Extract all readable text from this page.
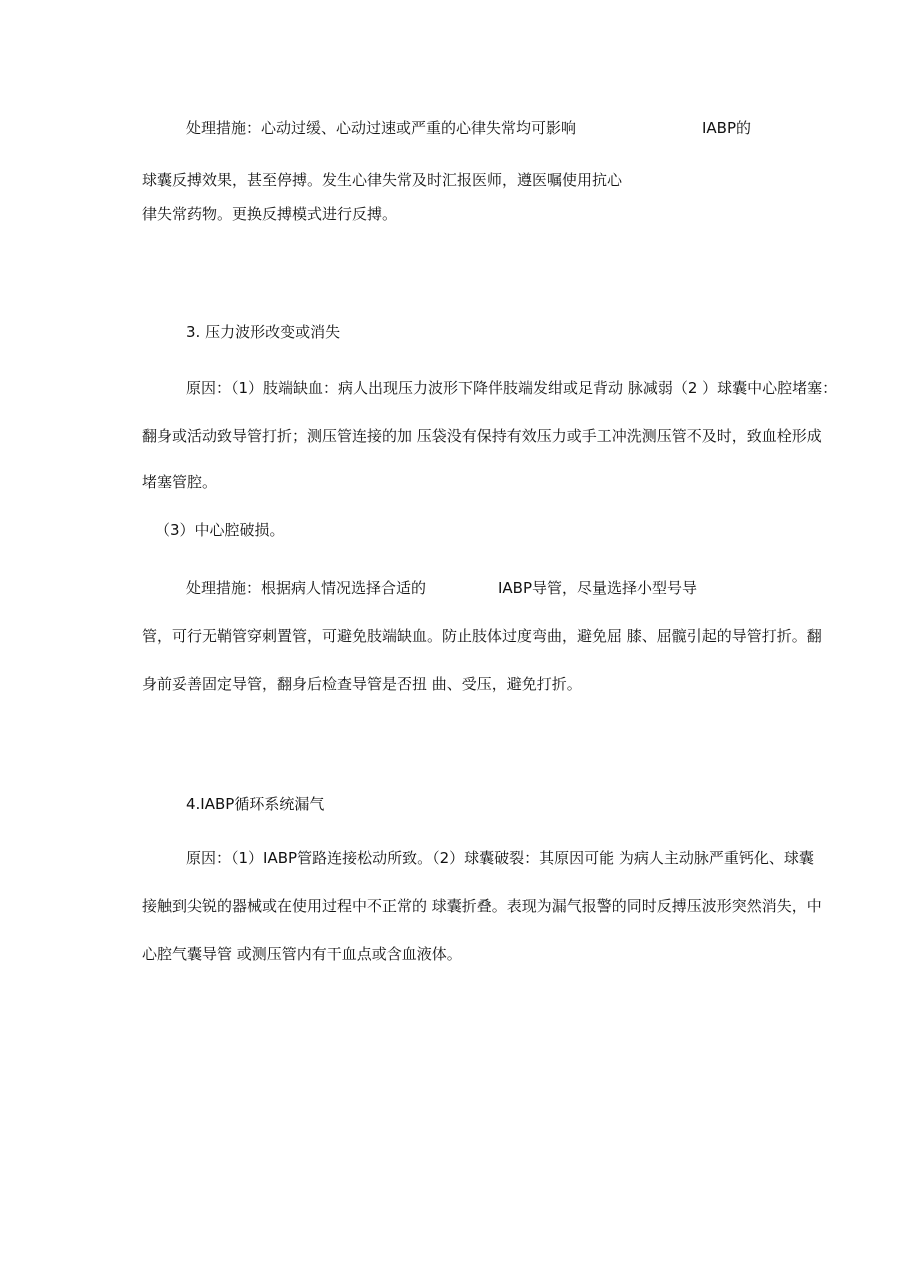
处理措施：心动过缓、心动过速或严重的心律失常均可影响	IABP的
球囊反搏效果，甚至停搏。发生心律失常及时汇报医师，遵医嘱使用抗心
律失常药物。更换反搏模式进行反搏。
3. 压力波形改变或消失
原因：（1）肢端缺血：病人出现压力波形下降伴肢端发绀或足背动 脉减弱（2 ）球囊中心腔堵塞：
翻身或活动致导管打折；测压管连接的加 压袋没有保持有效压力或手工冲洗测压管不及时，致血栓形成
堵塞管腔。
（3）中心腔破损。
处理措施：根据病人情况选择合适的	IABP导管，尽量选择小型号导
管，可行无鞘管穿刺置管，可避免肢端缺血。防止肢体过度弯曲，避免屈 膝、屈髋引起的导管打折。翻
身前妥善固定导管，翻身后检查导管是否扭 曲、受压，避免打折。
4.IABP循环系统漏气
原因：（1）IABP管路连接松动所致。（2）球囊破裂：其原因可能 为病人主动脉严重钙化、球囊
接触到尖锐的器械或在使用过程中不正常的 球囊折叠。表现为漏气报警的同时反搏压波形突然消失，中
心腔气囊导管 或测压管内有干血点或含血液体。
